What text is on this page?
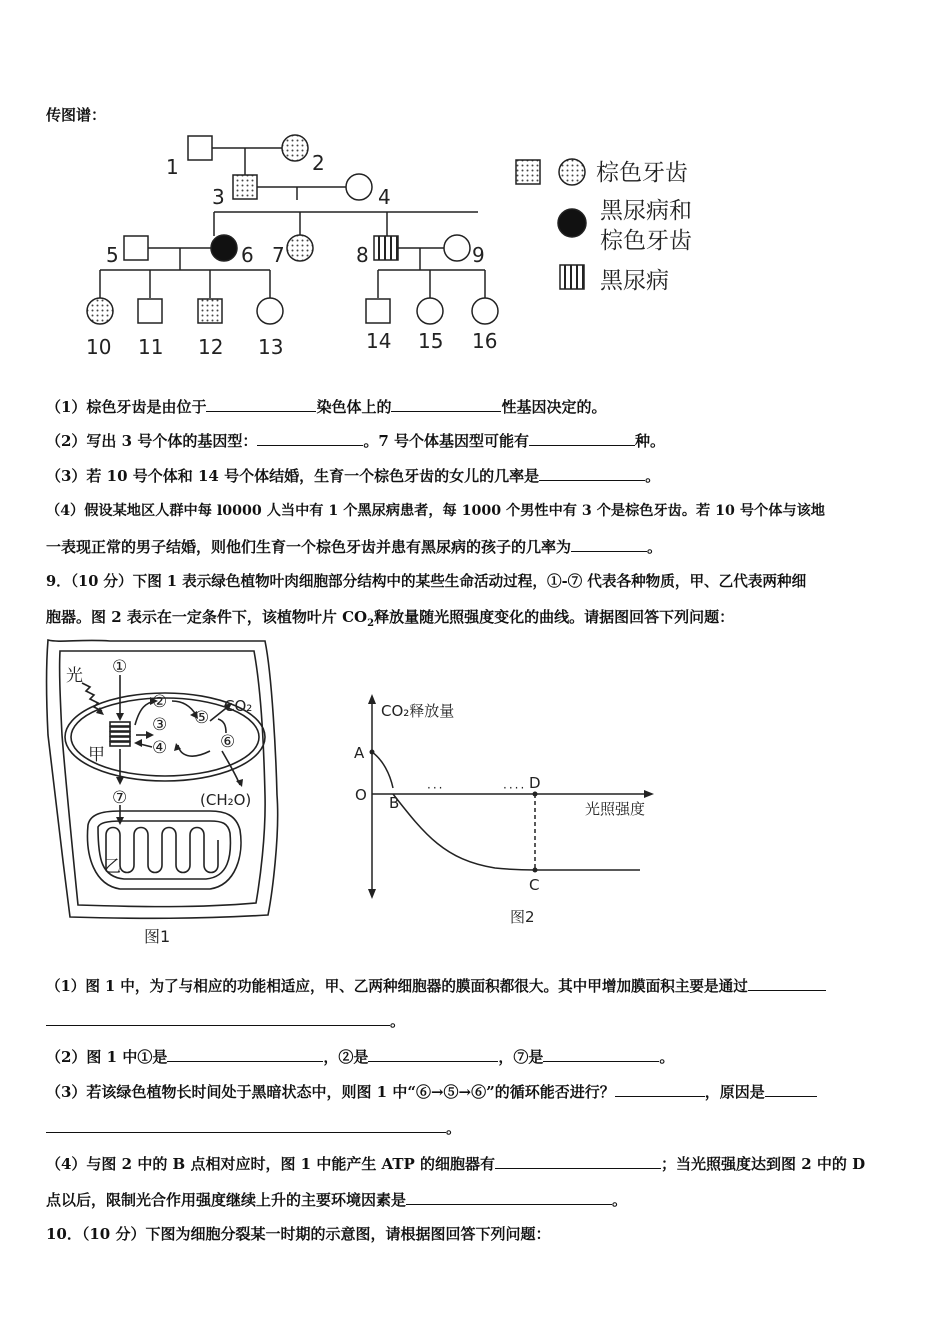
传图谱：
1	2
3	4
5	6 7	8	9
10 11 12 13	14 15 16
棕色牙齿
黑尿病和
棕色牙齿
黑尿病
（1）棕色牙齿是由位于	染色体上的	性基因决定的。
（2）写出 3 号个体的基因型：	。7 号个体基因型可能有	种。
（3）若 10 号个体和 14 号个体结婚，生育一个棕色牙齿的女儿的几率是	。
（4）假设某地区人群中每 l0000 人当中有 1 个黑尿病患者，每 1000 个男性中有 3 个是棕色牙齿。若 10 号个体与该地
一表现正常的男子结婚，则他们生育一个棕色牙齿并患有黑尿病的孩子的几率为	。
9．（10 分）下图 1 表示绿色植物叶肉细胞部分结构中的某些生命活动过程，①-⑦ 代表各种物质，甲、乙代表两种细
胞器。图 2 表示在一定条件下，该植物叶片 $CO_2$释放量随光照强度变化的曲线。请据图回答下列问题：
光
甲
乙
①
②
③
④
⑤
⑥
⑦
CO₂
(CH₂O)
图1
···	····
CO₂释放量
光照强度
A
O B
D
C
图2
（1）图 1 中，为了与相应的功能相适应，甲、乙两种细胞器的膜面积都很大。其中甲增加膜面积主要是通过
。
（2）图 1 中①是	，②是	，⑦是	。
（3）若该绿色植物长时间处于黑暗状态中，则图 1 中“⑥→⑤→⑥”的循环能否进行？	，原因是
。
（4）与图 2 中的 B 点相对应时，图 1 中能产生 ATP 的细胞器有	；当光照强度达到图 2 中的 D
点以后，限制光合作用强度继续上升的主要环境因素是	。
10．（10 分）下图为细胞分裂某一时期的示意图，请根据图回答下列问题：
